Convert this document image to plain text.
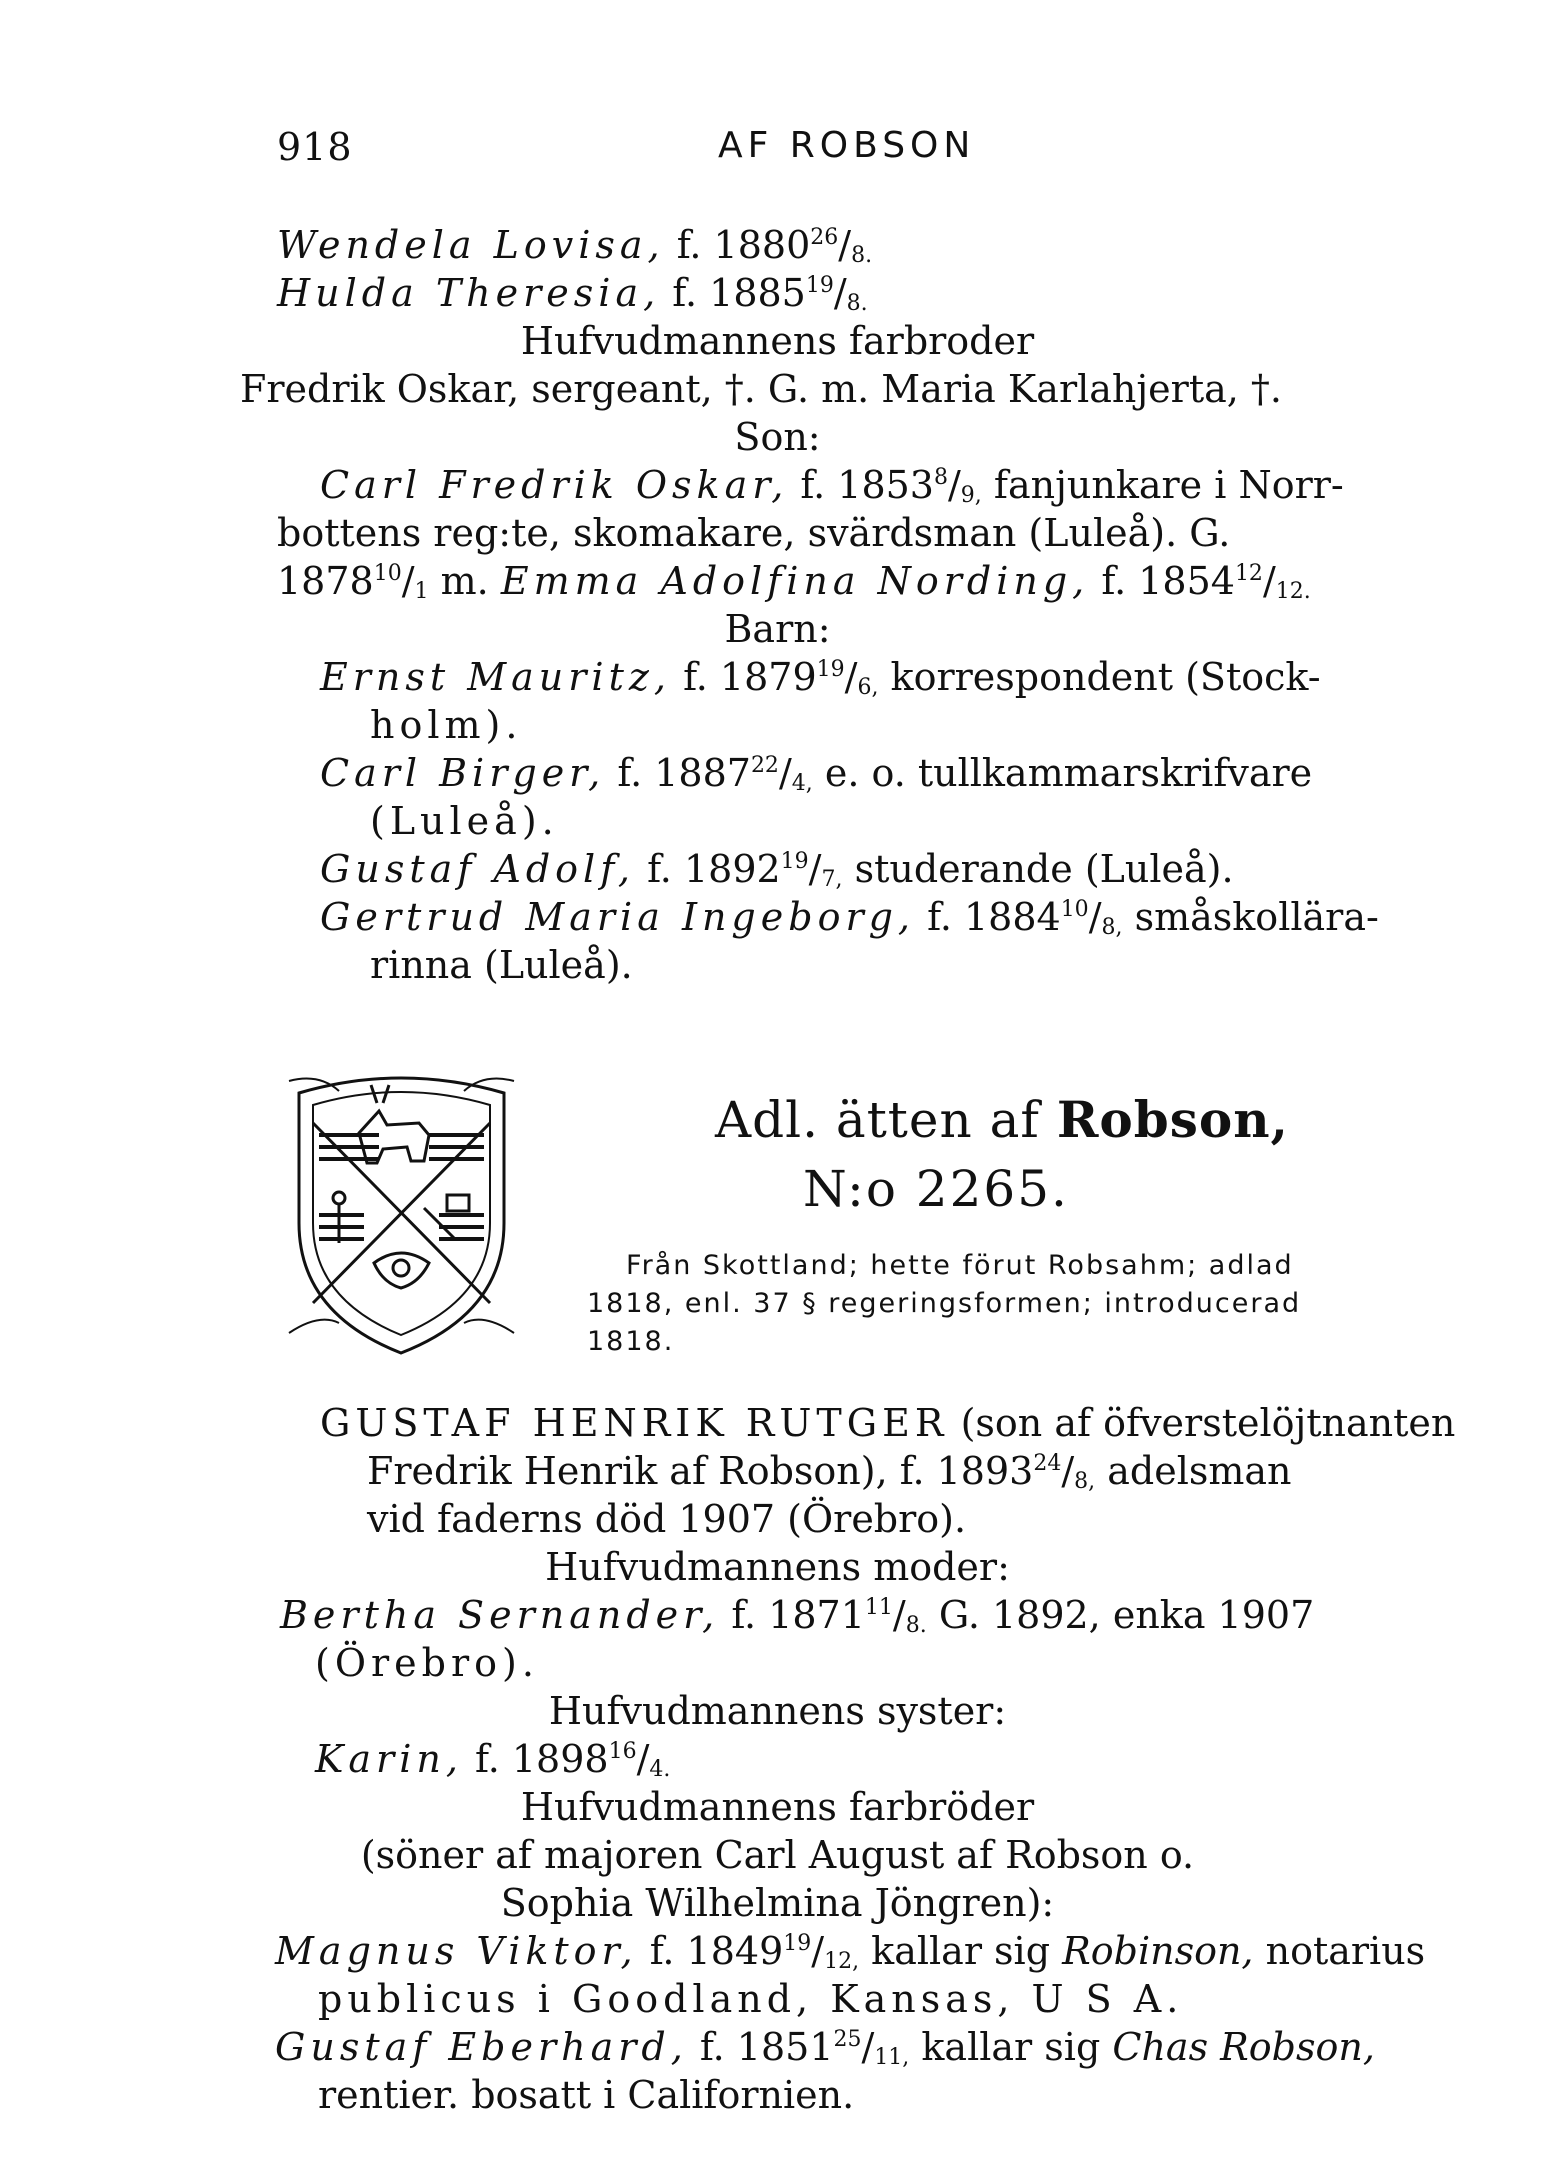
918	AF ROBSON
Wendela Lovisa, f. $1880^{26}/_{8.}$
Hulda Theresia, f. $1885^{19}/_{8.}$
Hufvudmannens farbroder
Fredrik Oskar, sergeant, †. G. m. Maria Karlahjerta, †.
Son:
Carl Fredrik Oskar, f. $1853^8/_{9,}$ fanjunkare i Norr-
bottens reg:te, skomakare, svärdsman (Luleå). G.
$1878^{10}/_1$ m. Emma Adolfina Nording, f. $1854^{12}/_{12.}$
Barn:
Ernst Mauritz, f. $1879^{19}/_{6,}$ korrespondent (Stock-
holm).
Carl Birger, f. $1887^{22}/_{4,}$ e. o. tullkammarskrifvare
(Luleå).
Gustaf Adolf, f. $1892^{19}/_{7,}$ studerande (Luleå).
Gertrud Maria Ingeborg, f. $1884^{10}/_{8,}$ småskollära-
rinna (Luleå).
Adl. ätten af Robson,
N:o 2265.
Från Skottland; hette förut Robsahm; adlad
1818, enl. 37 § regeringsformen; introducerad
1818.
GUSTAF HENRIK RUTGER (son af öfverstelöjtnanten
Fredrik Henrik af Robson), f. $1893^{24}/_{8,}$ adelsman
vid faderns död 1907 (Örebro).
Hufvudmannens moder:
Bertha Sernander, f. $1871^{11}/_{8.}$ G. 1892, enka 1907
(Örebro).
Hufvudmannens syster:
Karin, f. $1898^{16}/_{4.}$
Hufvudmannens farbröder
(söner af majoren Carl August af Robson o.
Sophia Wilhelmina Jöngren):
Magnus Viktor, f. $1849^{19}/_{12,}$ kallar sig Robinson, notarius
publicus i Goodland, Kansas, U S A.
Gustaf Eberhard, f. $1851^{25}/_{11,}$ kallar sig Chas Robson,
rentier. bosatt i Californien.
